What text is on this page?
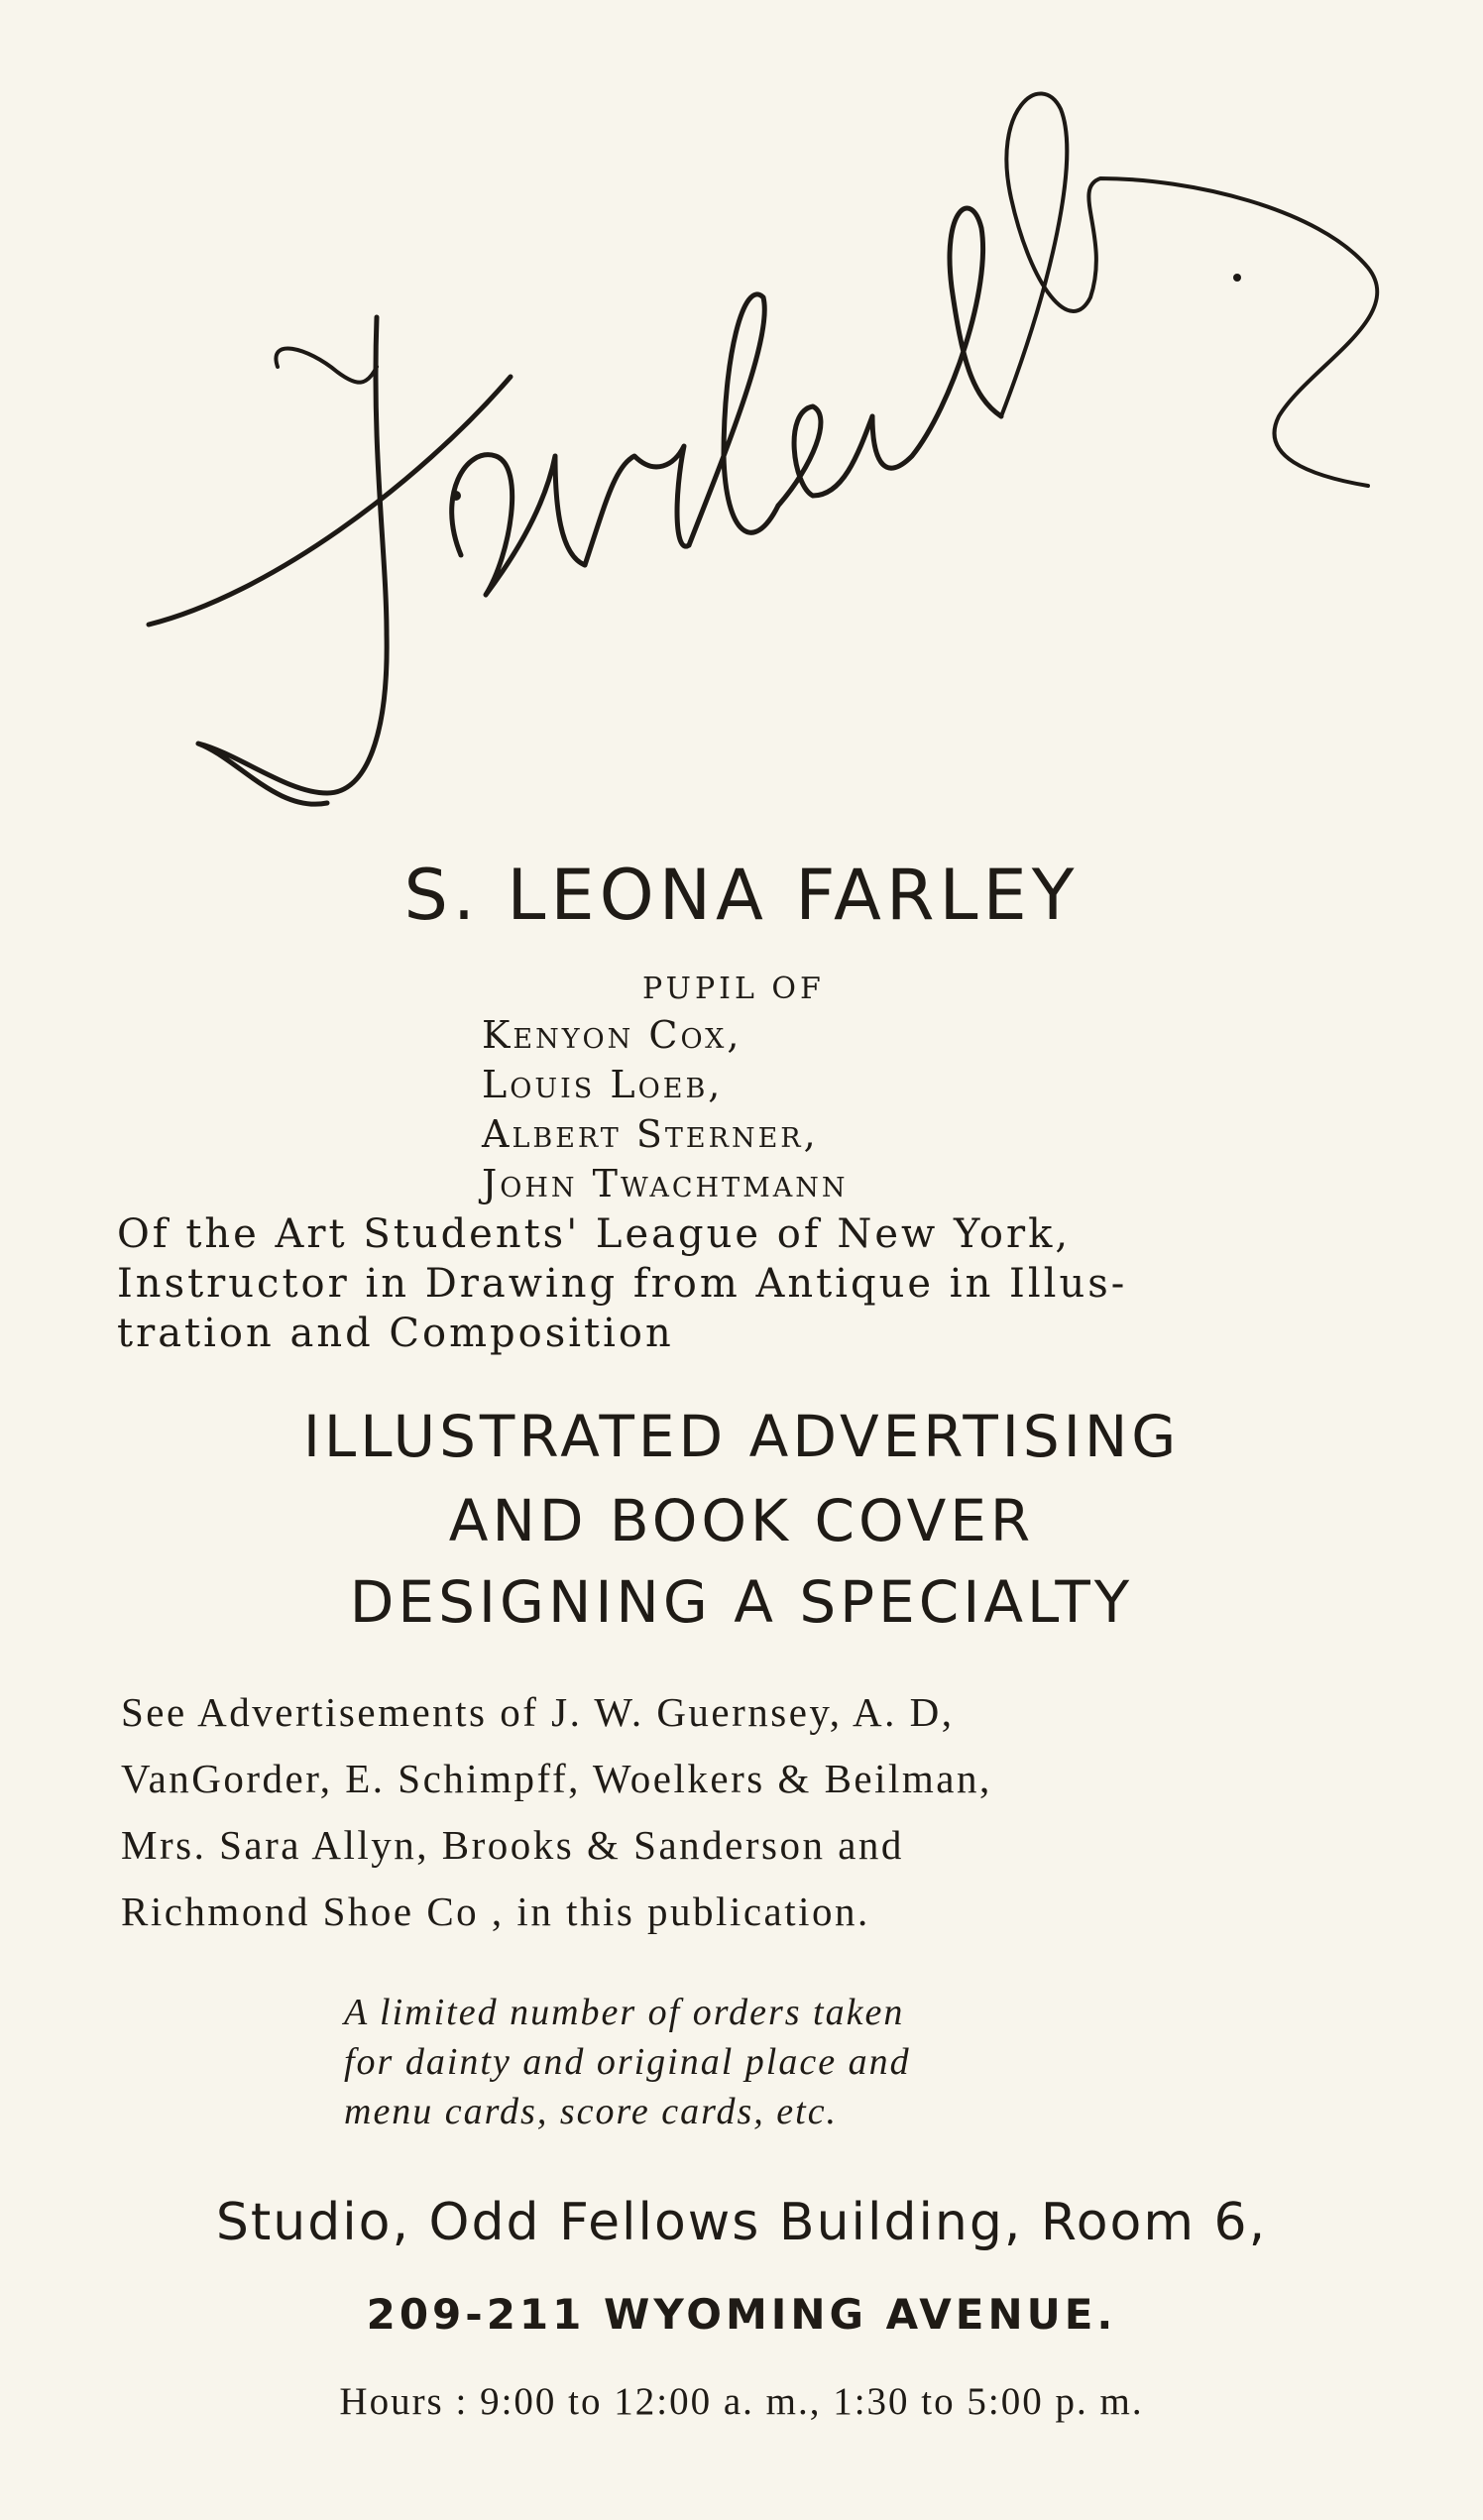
S. LEONA FARLEY
PUPIL OF
Kenyon Cox,
Louis Loeb,
Albert Sterner,
John Twachtmann
Of the Art Students' League of New York,
Instructor in Drawing from Antique in Illus-
tration and Composition
ILLUSTRATED ADVERTISING
AND BOOK COVER
DESIGNING A SPECIALTY
See Advertisements of J. W. Guernsey, A. D,
VanGorder, E. Schimpff, Woelkers & Beilman,
Mrs. Sara Allyn, Brooks & Sanderson and
Richmond Shoe Co , in this publication.
A limited number of orders taken
for dainty and original place and
menu cards, score cards, etc.
Studio, Odd Fellows Building, Room 6,
209-211 WYOMING AVENUE.
Hours : 9:00 to 12:00 a. m., 1:30 to 5:00 p. m.
